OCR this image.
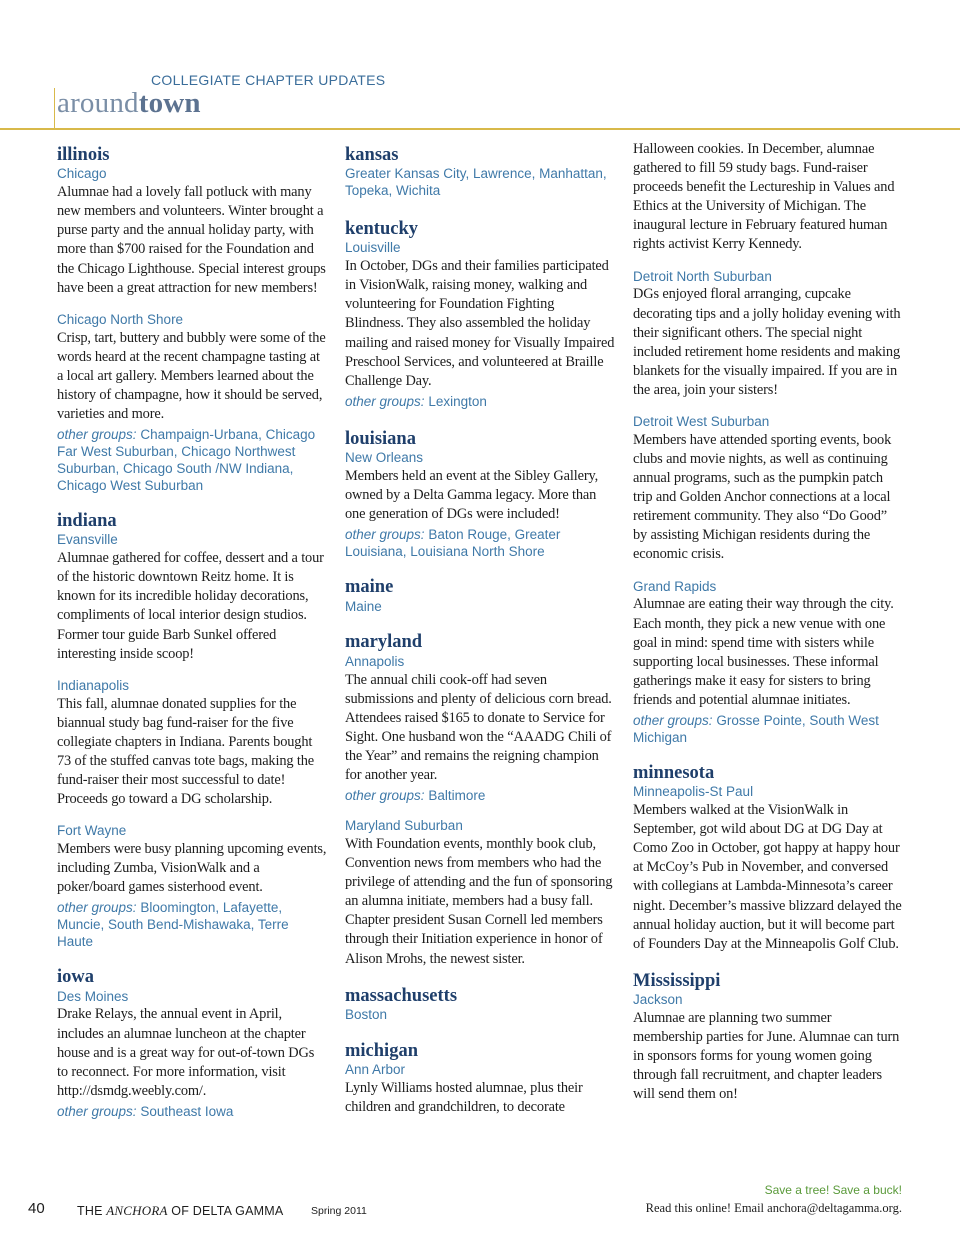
COLLEGIATE CHAPTER UPDATES
aroundtown
illinois
Chicago

Alumnae had a lovely fall potluck with many new members and volunteers. Winter brought a purse party and the annual holiday party, with more than $700 raised for the Foundation and the Chicago Lighthouse. Special interest groups have been a great attraction for new members!

Chicago North Shore

Crisp, tart, buttery and bubbly were some of the words heard at the recent champagne tasting at a local art gallery. Members learned about the history of champagne, how it should be served, varieties and more.

other groups: Champaign-Urbana, Chicago Far West Suburban, Chicago Northwest Suburban, Chicago South /NW Indiana, Chicago West Suburban
indiana
Evansville

Alumnae gathered for coffee, dessert and a tour of the historic downtown Reitz home. It is known for its incredible holiday decorations, compliments of local interior design studios. Former tour guide Barb Sunkel offered interesting inside scoop!

Indianapolis

This fall, alumnae donated supplies for the biannual study bag fund-raiser for the five collegiate chapters in Indiana. Parents bought 73 of the stuffed canvas tote bags, making the fund-raiser their most successful to date! Proceeds go toward a DG scholarship.

Fort Wayne

Members were busy planning upcoming events, including Zumba, VisionWalk and a poker/board games sisterhood event.

other groups: Bloomington, Lafayette, Muncie, South Bend-Mishawaka, Terre Haute
iowa
Des Moines

Drake Relays, the annual event in April, includes an alumnae luncheon at the chapter house and is a great way for out-of-town DGs to reconnect. For more information, visit http://dsmdg.weebly.com/.

other groups: Southeast Iowa
kansas
Greater Kansas City, Lawrence, Manhattan, Topeka, Wichita
kentucky
Louisville

In October, DGs and their families participated in VisionWalk, raising money, walking and volunteering for Foundation Fighting Blindness. They also assembled the holiday mailing and raised money for Visually Impaired Preschool Services, and volunteered at Braille Challenge Day.

other groups: Lexington
louisiana
New Orleans

Members held an event at the Sibley Gallery, owned by a Delta Gamma legacy. More than one generation of DGs were included!

other groups: Baton Rouge, Greater Louisiana, Louisiana North Shore
maine
Maine
maryland
Annapolis

The annual chili cook-off had seven submissions and plenty of delicious corn bread. Attendees raised $165 to donate to Service for Sight. One husband won the “AAADG Chili of the Year” and remains the reigning champion for another year.

other groups: Baltimore
Maryland Suburban

With Foundation events, monthly book club, Convention news from members who had the privilege of attending and the fun of sponsoring an alumna initiate, members had a busy fall. Chapter president Susan Cornell led members through their Initiation experience in honor of Alison Mrohs, the newest sister.

massachusetts
Boston
michigan
Ann Arbor

Lynly Williams hosted alumnae, plus their children and grandchildren, to decorate

Halloween cookies. In December, alumnae gathered to fill 59 study bags. Fund-raiser proceeds benefit the Lectureship in Values and Ethics at the University of Michigan. The inaugural lecture in February featured human rights activist Kerry Kennedy.

Detroit North Suburban

DGs enjoyed floral arranging, cupcake decorating tips and a jolly holiday evening with their significant others. The special night included retirement home residents and making blankets for the visually impaired. If you are in the area, join your sisters!

Detroit West Suburban

Members have attended sporting events, book clubs and movie nights, as well as continuing annual programs, such as the pumpkin patch trip and Golden Anchor connections at a local retirement community. They also “Do Good” by assisting Michigan residents during the economic crisis.

Grand Rapids

Alumnae are eating their way through the city. Each month, they pick a new venue with one goal in mind: spend time with sisters while supporting local businesses. These informal gatherings make it easy for sisters to bring friends and potential alumnae initiates.

other groups: Grosse Pointe, South West Michigan
minnesota
Minneapolis-St Paul

Members walked at the VisionWalk in September, got wild about DG at DG Day at Como Zoo in October, got happy at happy hour at McCoy’s Pub in November, and conversed with collegians at Lambda-Minnesota’s career night. December’s massive blizzard delayed the annual holiday auction, but it will become part of Founders Day at the Minneapolis Golf Club.

Mississippi
Jackson

Alumnae are planning two summer membership parties for June. Alumnae can turn in sponsors forms for young women going through fall recruitment, and chapter leaders will send them on!

40	THE ANCHORA OF DELTA GAMMA	Spring 2011
Save a tree! Save a buck!
Read this online! Email anchora@deltagamma.org.
